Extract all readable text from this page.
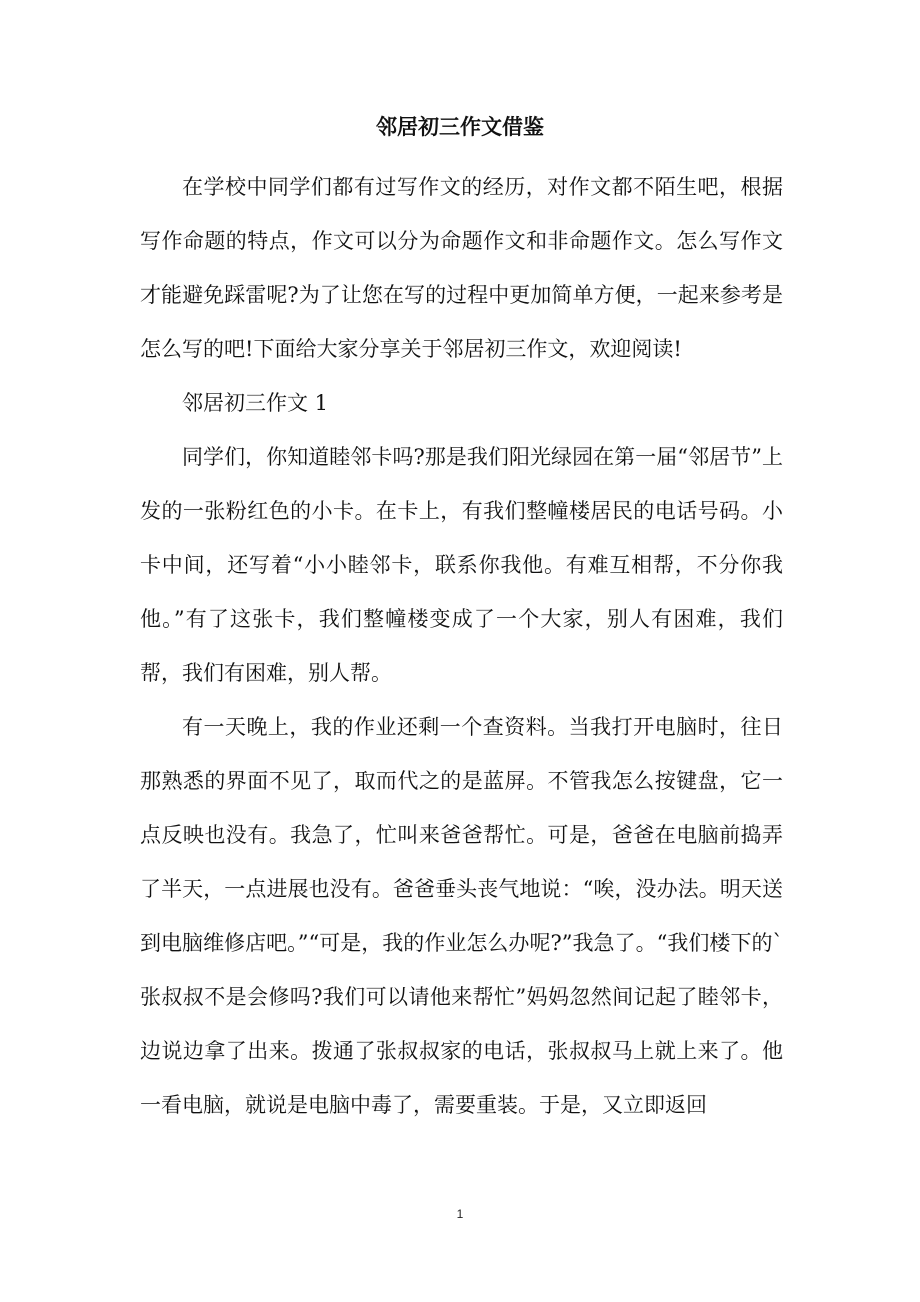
邻居初三作文借鉴

在学校中同学们都有过写作文的经历，对作文都不陌生吧，根据写作命题的特点，作文可以分为命题作文和非命题作文。怎么写作文才能避免踩雷呢?为了让您在写的过程中更加简单方便，一起来参考是怎么写的吧!下面给大家分享关于邻居初三作文，欢迎阅读!

邻居初三作文 1

同学们，你知道睦邻卡吗?那是我们阳光绿园在第一届“邻居节”上发的一张粉红色的小卡。在卡上，有我们整幢楼居民的电话号码。小卡中间，还写着“小小睦邻卡，联系你我他。有难互相帮，不分你我他。”有了这张卡，我们整幢楼变成了一个大家，别人有困难，我们帮，我们有困难，别人帮。

有一天晚上，我的作业还剩一个查资料。当我打开电脑时，往日那熟悉的界面不见了，取而代之的是蓝屏。不管我怎么按键盘，它一点反映也没有。我急了，忙叫来爸爸帮忙。可是，爸爸在电脑前捣弄了半天，一点进展也没有。爸爸垂头丧气地说：“唉，没办法。明天送到电脑维修店吧。”“可是，我的作业怎么办呢?”我急了。“我们楼下的`张叔叔不是会修吗?我们可以请他来帮忙”妈妈忽然间记起了睦邻卡，边说边拿了出来。拨通了张叔叔家的电话，张叔叔马上就上来了。他一看电脑，就说是电脑中毒了，需要重装。于是，又立即返回

1
